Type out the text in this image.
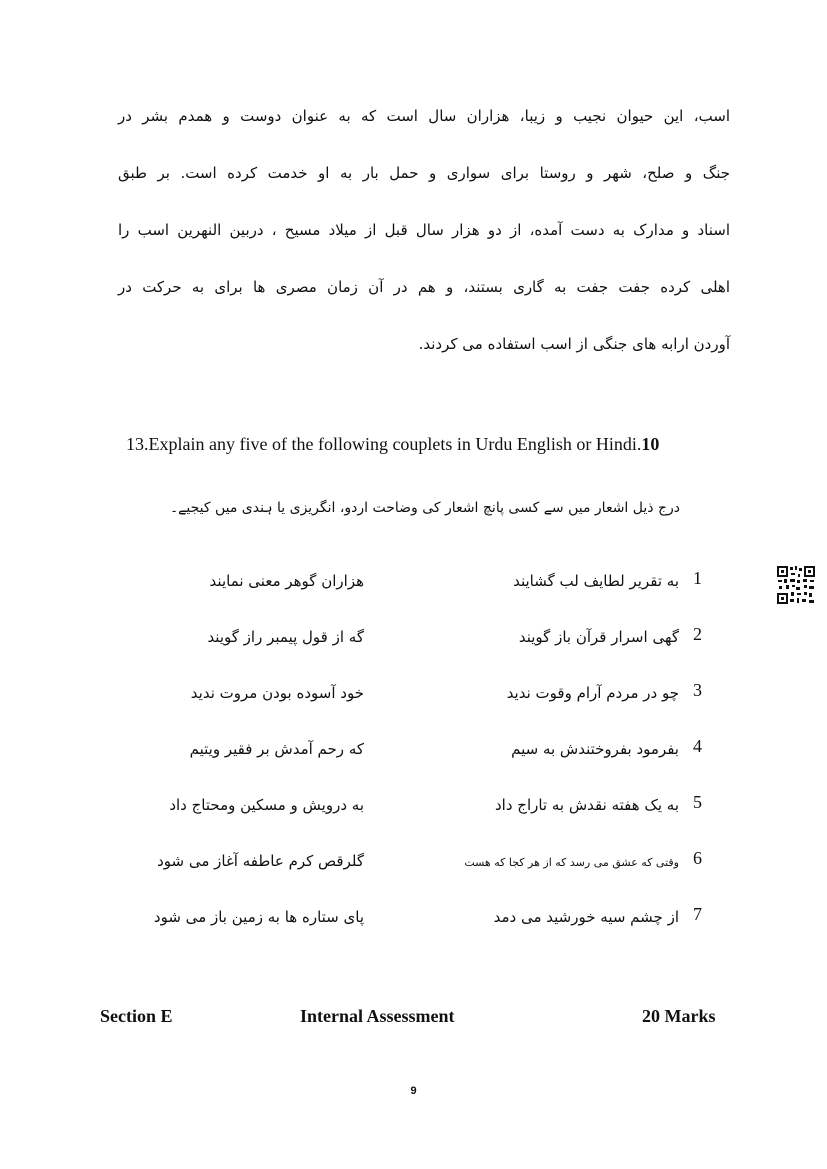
اسب، این حیوان نجیب و زیبا، هزاران سال است که به عنوان دوست و همدم بشر در
جنگ و صلح، شهر و روستا برای سواری و حمل بار به او خدمت کرده است. بر طبق
اسناد و مدارک به دست آمده، از دو هزار سال قبل از میلاد مسیح ، دربین النهرین اسب را
اهلی کرده جفت جفت به گاری بستند، و هم در آن زمان مصری ها برای به حرکت در
آوردن ارابه های جنگی از اسب استفاده می کردند.
13.Explain any five of the following couplets in Urdu English or Hindi.10
درج ذیل اشعار میں سے کسی پانچ اشعار کی وضاحت اردو، انگریزی یا ہندی میں کیجیے۔
1
به تقریر لطایف لب گشایند
هزاران گوهر معنی نمایند
2
گهی اسرار قرآن باز گویند
گه از قول پیمبر راز گویند
3
چو در مردم آرام وقوت ندید
خود آسوده بودن مروت ندید
4
بفرمود بفروختندش به سیم
که رحم آمدش بر فقیر ویتیم
5
به یک هفته نقدش به تاراج داد
به درویش و مسکین ومحتاج داد
6
وقتی که عشق می رسد که از هر کجا که هست
گلرقص کرم عاطفه آغاز می شود
7
از چشم سیه خورشید می دمد
پای ستاره ها به زمین باز می شود
Section E	Internal Assessment	20 Marks
9
